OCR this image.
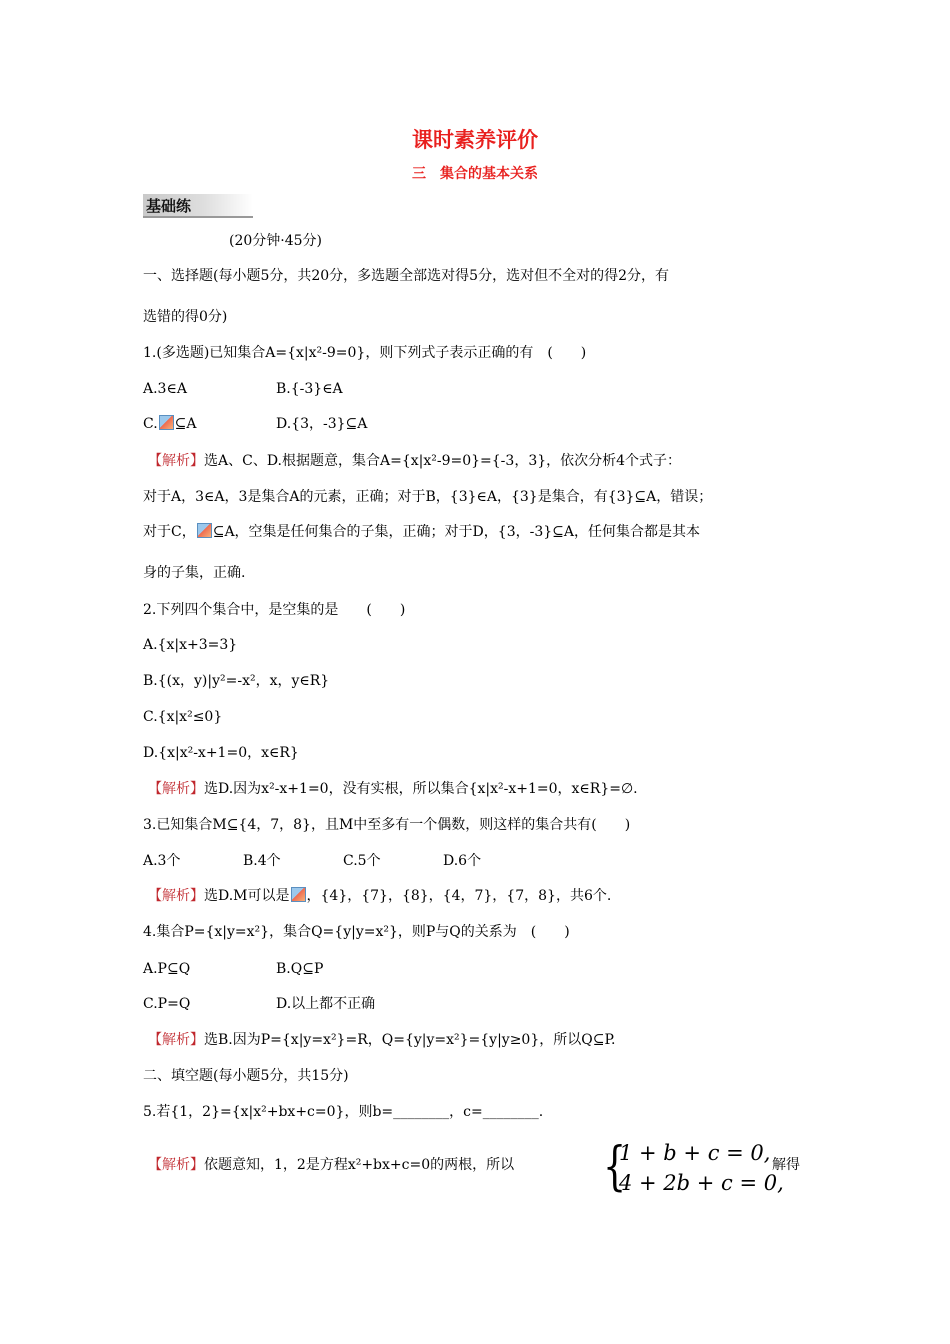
课时素养评价
三　集合的基本关系
基础练
(20分钟·45分)
一、选择题(每小题5分，共20分，多选题全部选对得5分，选对但不全对的得2分，有
选错的得0分)
1.(多选题)已知集合A={x|x²-9=0}，则下列式子表示正确的有　(　　)
A.3∈A	B.{-3}∈A
C. ⊆A	D.{3，-3}⊆A
【解析】选A、C、D.根据题意，集合A={x|x²-9=0}={-3，3}，依次分析4个式子：
对于A，3∈A，3是集合A的元素，正确；对于B，{3}∈A，{3}是集合，有{3}⊆A，错误；
对于C， ⊆A，空集是任何集合的子集，正确；对于D，{3，-3}⊆A，任何集合都是其本
身的子集，正确.
2.下列四个集合中，是空集的是　　(　　)
A.{x|x+3=3}
B.{(x，y)|y²=-x²，x，y∈R}
C.{x|x²≤0}
D.{x|x²-x+1=0，x∈R}
【解析】选D.因为x²-x+1=0，没有实根，所以集合{x|x²-x+1=0，x∈R}=∅.
3.已知集合M⊆{4，7，8}，且M中至多有一个偶数，则这样的集合共有(　　)
A.3个	B.4个	C.5个	D.6个
【解析】选D.M可以是 ，{4}，{7}，{8}，{4，7}，{7，8}，共6个.
4.集合P={x|y=x²}，集合Q={y|y=x²}，则P与Q的关系为　(　　)
A.P⊆Q	B.Q⊆P
C.P=Q	D.以上都不正确
【解析】选B.因为P={x|y=x²}=R，Q={y|y=x²}={y|y≥0}，所以Q⊆P.
二、填空题(每小题5分，共15分)
5.若{1，2}={x|x²+bx+c=0}，则b=________，c=________.
【解析】依题意知，1，2是方程x²+bx+c=0的两根，所以 {
1 + b + c = 0,
4 + 2b + c = 0,
解得
